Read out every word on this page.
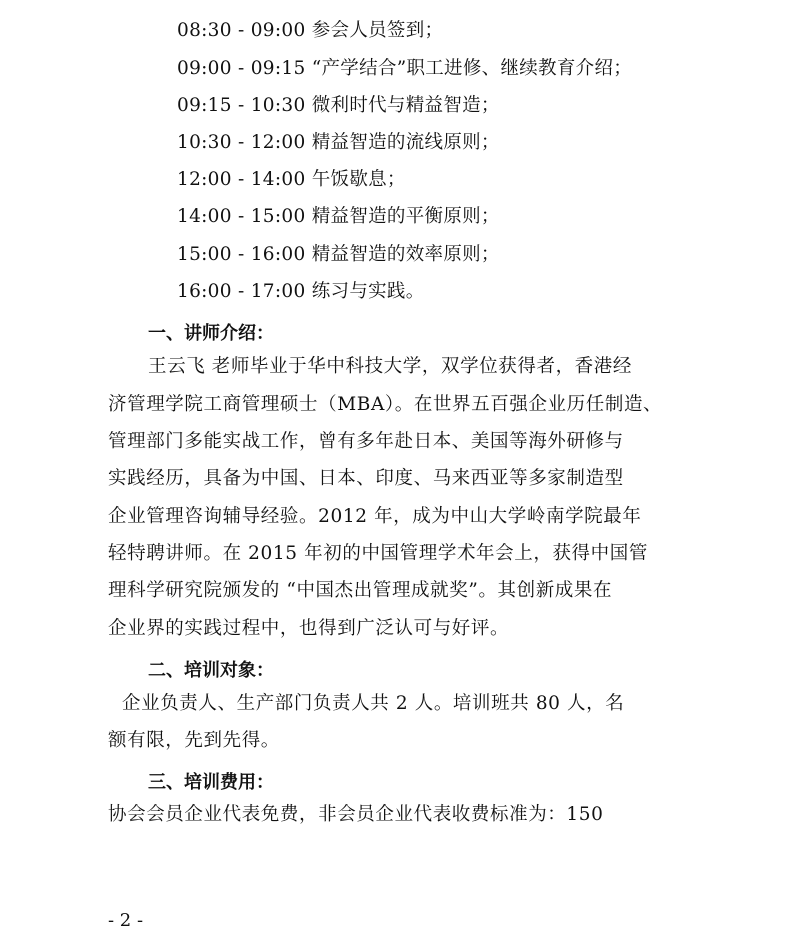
08:30 - 09:00 参会人员签到；
09:00 - 09:15 “产学结合”职工进修、继续教育介绍；
09:15 - 10:30 微利时代与精益智造；
10:30 - 12:00 精益智造的流线原则；
12:00 - 14:00 午饭歇息；
14:00 - 15:00 精益智造的平衡原则；
15:00 - 16:00 精益智造的效率原则；
16:00 - 17:00 练习与实践。
一、讲师介绍：
王云飞 老师毕业于华中科技大学，双学位获得者，香港经
济管理学院工商管理硕士（MBA）。在世界五百强企业历任制造、
管理部门多能实战工作，曾有多年赴日本、美国等海外研修与
实践经历，具备为中国、日本、印度、马来西亚等多家制造型
企业管理咨询辅导经验。2012 年，成为中山大学岭南学院最年
轻特聘讲师。在 2015 年初的中国管理学术年会上，获得中国管
理科学研究院颁发的 “中国杰出管理成就奖”。其创新成果在
企业界的实践过程中，也得到广泛认可与好评。
二、培训对象：
企业负责人、生产部门负责人共 2 人。培训班共 80 人，名
额有限，先到先得。
三、培训费用：
协会会员企业代表免费，非会员企业代表收费标准为：150
- 2 -
